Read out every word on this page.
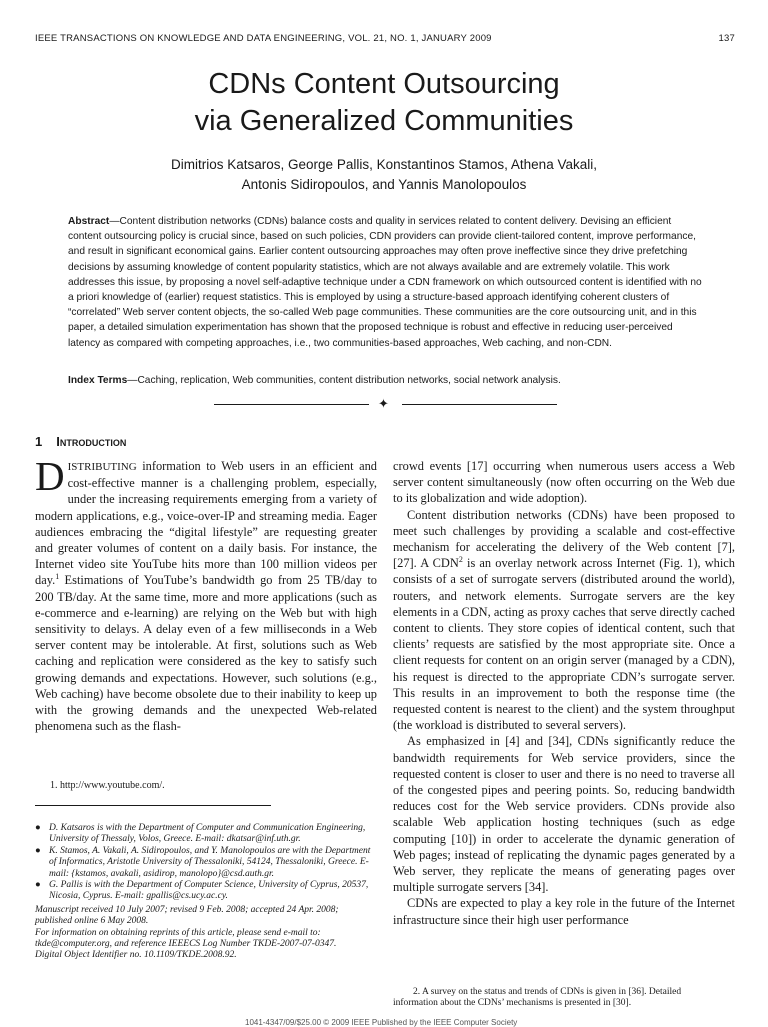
IEEE TRANSACTIONS ON KNOWLEDGE AND DATA ENGINEERING, VOL. 21, NO. 1, JANUARY 2009	137
CDNs Content Outsourcing
via Generalized Communities
Dimitrios Katsaros, George Pallis, Konstantinos Stamos, Athena Vakali,
Antonis Sidiropoulos, and Yannis Manolopoulos
Abstract—Content distribution networks (CDNs) balance costs and quality in services related to content delivery. Devising an efficient content outsourcing policy is crucial since, based on such policies, CDN providers can provide client-tailored content, improve performance, and result in significant economical gains. Earlier content outsourcing approaches may often prove ineffective since they drive prefetching decisions by assuming knowledge of content popularity statistics, which are not always available and are extremely volatile. This work addresses this issue, by proposing a novel self-adaptive technique under a CDN framework on which outsourced content is identified with no a priori knowledge of (earlier) request statistics. This is employed by using a structure-based approach identifying coherent clusters of “correlated” Web server content objects, the so-called Web page communities. These communities are the core outsourcing unit, and in this paper, a detailed simulation experimentation has shown that the proposed technique is robust and effective in reducing user-perceived latency as compared with competing approaches, i.e., two communities-based approaches, Web caching, and non-CDN.
Index Terms—Caching, replication, Web communities, content distribution networks, social network analysis.
✦
1 Introduction

DISTRIBUTING information to Web users in an efficient and cost-effective manner is a challenging problem, especially, under the increasing requirements emerging from a variety of modern applications, e.g., voice-over-IP and streaming media. Eager audiences embracing the “digital lifestyle” are requesting greater and greater volumes of content on a daily basis. For instance, the Internet video site YouTube hits more than 100 million videos per day.$^1$ Estimations of YouTube’s bandwidth go from 25 TB/day to 200 TB/day. At the same time, more and more applications (such as e-commerce and e-learning) are relying on the Web but with high sensitivity to delays. A delay even of a few milliseconds in a Web server content may be intolerable. At first, solutions such as Web caching and replication were considered as the key to satisfy such growing demands and expectations. However, such solutions (e.g., Web caching) have become obsolete due to their inability to keep up with the growing demands and the unexpected Web-related phenomena such as the flash-

1. http://www.youtube.com/.
● D. Katsaros is with the Department of Computer and Communication Engineering, University of Thessaly, Volos, Greece. E-mail: dkatsar@inf.uth.gr.
● K. Stamos, A. Vakali, A. Sidiropoulos, and Y. Manolopoulos are with the Department of Informatics, Aristotle University of Thessaloniki, 54124, Thessaloniki, Greece. E-mail: {kstamos, avakali, asidirop, manolopo}@csd.auth.gr.
● G. Pallis is with the Department of Computer Science, University of Cyprus, 20537, Nicosia, Cyprus. E-mail: gpallis@cs.ucy.ac.cy.
Manuscript received 10 July 2007; revised 9 Feb. 2008; accepted 24 Apr. 2008; published online 6 May 2008.
For information on obtaining reprints of this article, please send e-mail to: tkde@computer.org, and reference IEEECS Log Number TKDE-2007-07-0347.
Digital Object Identifier no. 10.1109/TKDE.2008.92.

crowd events [17] occurring when numerous users access a Web server content simultaneously (now often occurring on the Web due to its globalization and wide adoption).

Content distribution networks (CDNs) have been proposed to meet such challenges by providing a scalable and cost-effective mechanism for accelerating the delivery of the Web content [7], [27]. A CDN$^2$ is an overlay network across Internet (Fig. 1), which consists of a set of surrogate servers (distributed around the world), routers, and network elements. Surrogate servers are the key elements in a CDN, acting as proxy caches that serve directly cached content to clients. They store copies of identical content, such that clients’ requests are satisfied by the most appropriate site. Once a client requests for content on an origin server (managed by a CDN), his request is directed to the appropriate CDN’s surrogate server. This results in an improvement to both the response time (the requested content is nearest to the client) and the system throughput (the workload is distributed to several servers).

As emphasized in [4] and [34], CDNs significantly reduce the bandwidth requirements for Web service providers, since the requested content is closer to user and there is no need to traverse all of the congested pipes and peering points. So, reducing bandwidth reduces cost for the Web service providers. CDNs provide also scalable Web application hosting techniques (such as edge computing [10]) in order to accelerate the dynamic generation of Web pages; instead of replicating the dynamic pages generated by a Web server, they replicate the means of generating pages over multiple surrogate servers [34].

CDNs are expected to play a key role in the future of the Internet infrastructure since their high user performance

2. A survey on the status and trends of CDNs is given in [36]. Detailed
information about the CDNs’ mechanisms is presented in [30].
1041-4347/09/$25.00 © 2009 IEEE Published by the IEEE Computer Society
